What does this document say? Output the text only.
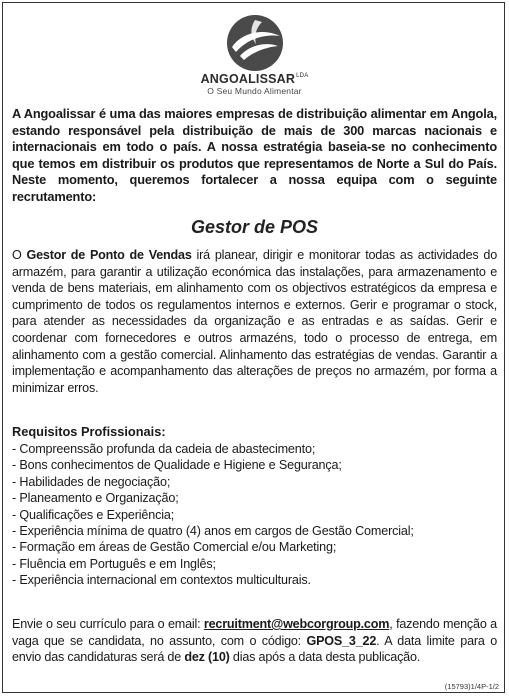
$ANGOALISSAR^{LDA}$
O Seu Mundo Alimentar

A Angoalissar é uma das maiores empresas de distribuição alimentar em Angola, estando responsável pela distribuição de mais de 300 marcas nacionais e internacionais em todo o país. A nossa estratégia baseia-se no conhecimento que temos em distribuir os produtos que representamos de Norte a Sul do País. Neste momento, queremos fortalecer a nossa equipa com o seguinte recrutamento:

Gestor de POS

O Gestor de Ponto de Vendas irá planear, dirigir e monitorar todas as actividades do armazém, para garantir a utilização económica das instalações, para armazenamento e venda de bens materiais, em alinhamento com os objectivos estratégicos da empresa e cumprimento de todos os regulamentos internos e externos. Gerir e programar o stock, para atender as necessidades da organização e as entradas e as saídas. Gerir e coordenar com fornecedores e outros armazéns, todo o processo de entrega, em alinhamento com a gestão comercial. Alinhamento das estratégias de vendas. Garantir a implementação e acompanhamento das alterações de preços no armazém, por forma a minimizar erros.

Requisitos Profissionais:
- Compreenssão profunda da cadeia de abastecimento;
- Bons conhecimentos de Qualidade e Higiene e Segurança;
- Habilidades de negociação;
- Planeamento e Organização;
- Qualificações e Experiência;
- Experiência mínima de quatro (4) anos em cargos de Gestão Comercial;
- Formação em áreas de Gestão Comercial e/ou Marketing;
- Fluência em Português e em Inglês;
- Experiência internacional em contextos multiculturais.

Envie o seu currículo para o email: recruitment@webcorgroup.com, fazendo menção a vaga que se candidata, no assunto, com o código: GPOS_3_22. A data limite para o envio das candidaturas será de dez (10) dias após a data desta publicação.

(15793)1/4P-1/2
